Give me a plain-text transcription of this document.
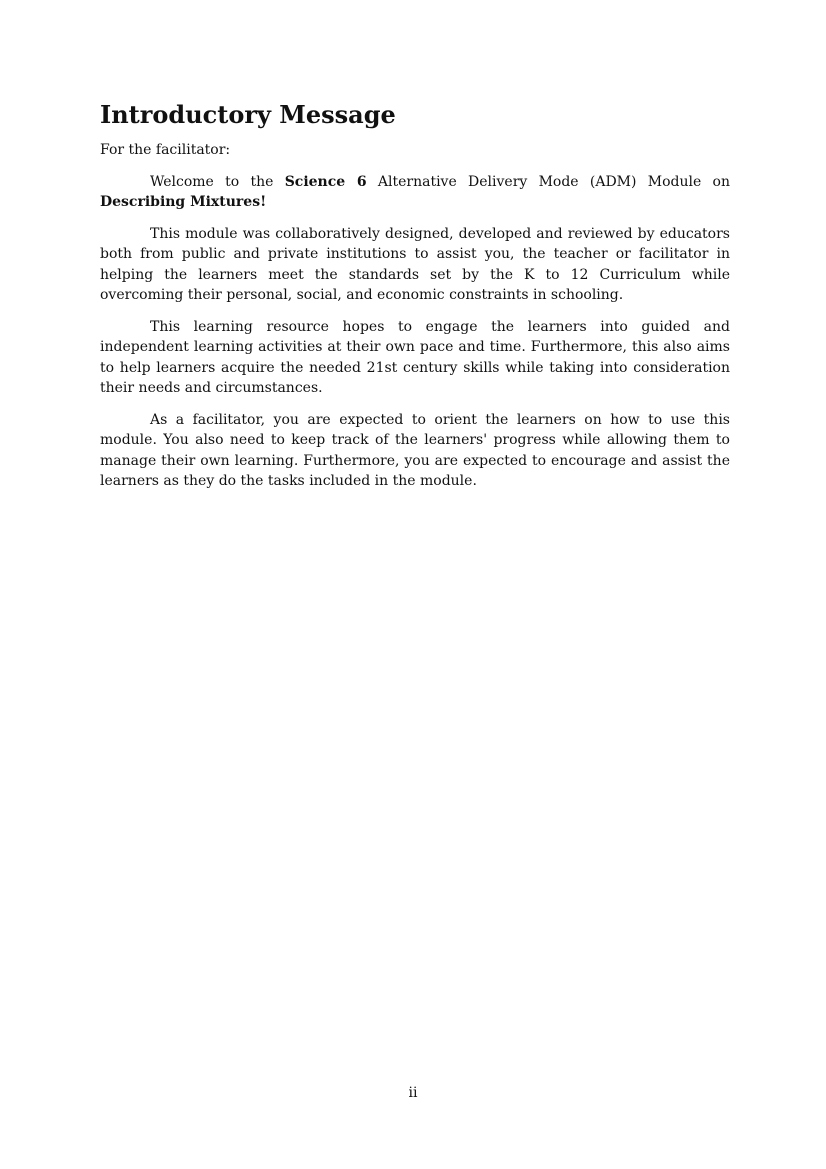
Introductory Message

For the facilitator:

Welcome to the Science 6 Alternative Delivery Mode (ADM) Module on Describing Mixtures!

This module was collaboratively designed, developed and reviewed by educators both from public and private institutions to assist you, the teacher or facilitator in helping the learners meet the standards set by the K to 12 Curriculum while overcoming their personal, social, and economic constraints in schooling.

This learning resource hopes to engage the learners into guided and independent learning activities at their own pace and time. Furthermore, this also aims to help learners acquire the needed 21st century skills while taking into consideration their needs and circumstances.

As a facilitator, you are expected to orient the learners on how to use this module. You also need to keep track of the learners' progress while allowing them to manage their own learning. Furthermore, you are expected to encourage and assist the learners as they do the tasks included in the module.

ii
